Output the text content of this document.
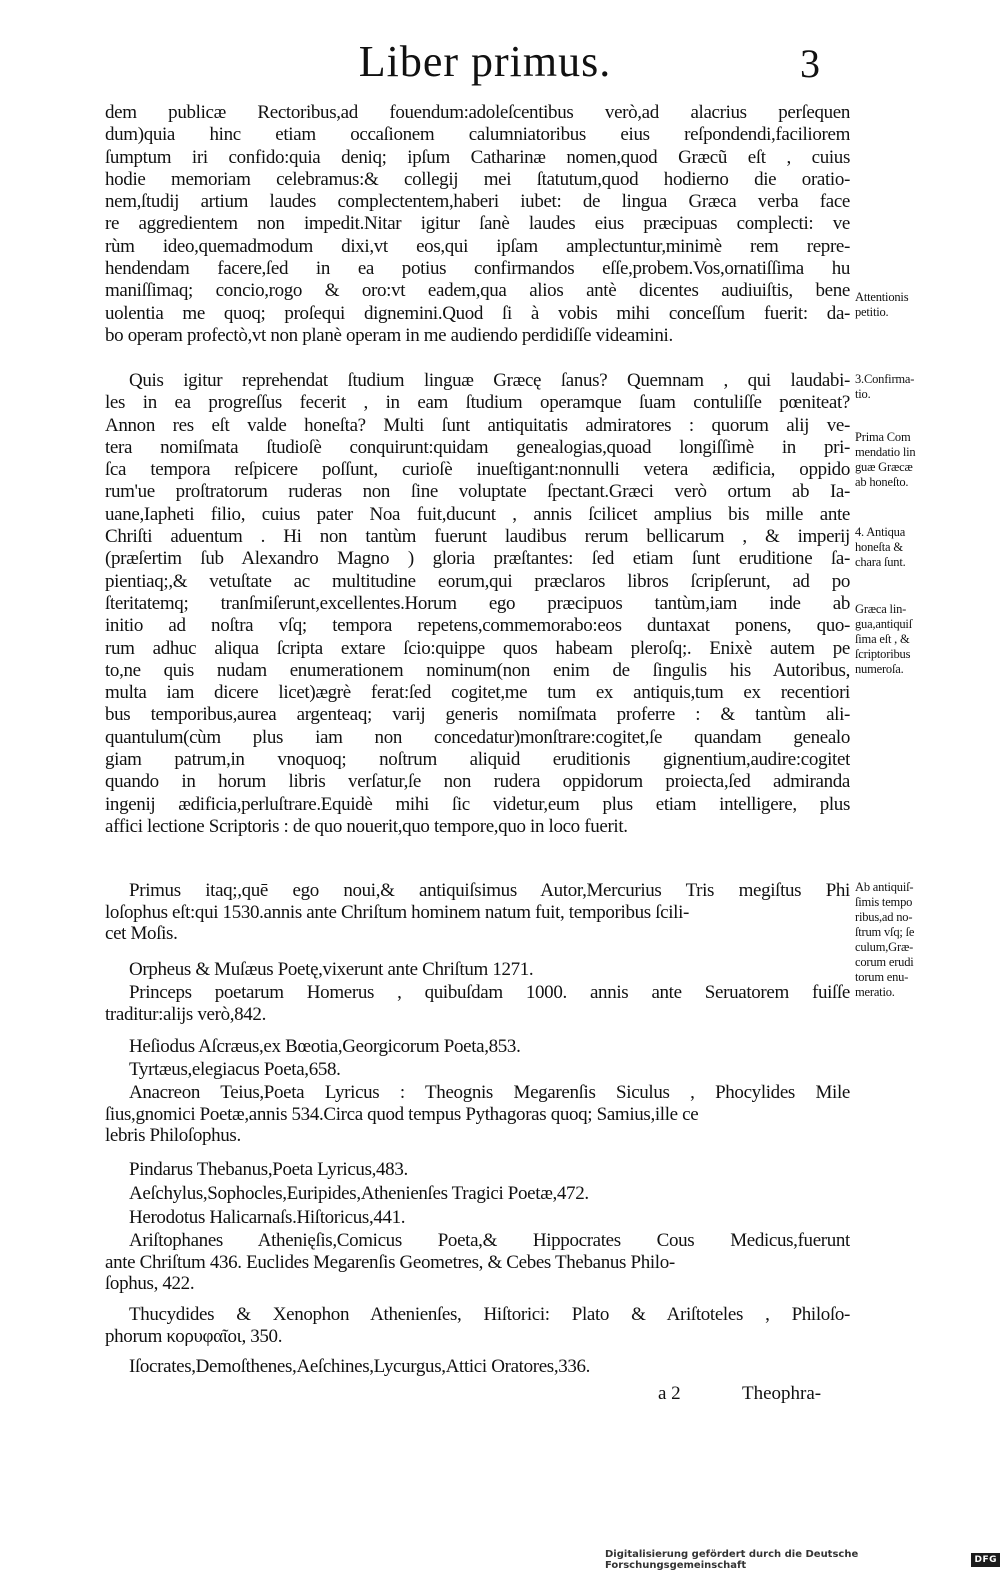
Liber primus.	3
dem publicæ Rectoribus,ad fouendum:adoleſcentibus verò,ad alacrius perſequen
dum)quia hinc etiam occaſionem calumniatoribus eius reſpondendi,faciliorem
ſumptum iri confido:quia deniq; ipſum Catharinæ nomen,quod Græcũ eſt , cuius
hodie memoriam celebramus:& collegij mei ſtatutum,quod hodierno die oratio-
nem,ſtudij artium laudes complectentem,haberi iubet: de lingua Græca verba face
re aggredientem non impedit.Nitar igitur ſanè laudes eius præcipuas complecti: ve
rùm ideo,quemadmodum dixi,vt eos,qui ipſam amplectuntur,minimè rem repre-
hendendam facere,ſed in ea potius confirmandos eſſe,probem.Vos,ornatiſſima hu
maniſſimaq; concio,rogo & oro:vt eadem,qua alios antè dicentes audiuiſtis, bene
uolentia me quoq; proſequi dignemini.Quod ſi à vobis mihi conceſſum fuerit: da-
bo operam profectò,vt non planè operam in me audiendo perdidiſſe videamini.
Quis igitur reprehendat ſtudium linguæ Græcę ſanus? Quemnam , qui laudabi-
les in ea progreſſus fecerit , in eam ſtudium operamque ſuam contuliſſe pœniteat?
Annon res eſt valde honeſta? Multi ſunt antiquitatis admiratores : quorum alij ve-
tera nomiſmata ſtudioſè conquirunt:quidam genealogias,quoad longiſſimè in pri-
ſca tempora reſpicere poſſunt, curioſè inueſtigant:nonnulli vetera ædificia, oppido
rum'ue proſtratorum ruderas non ſine voluptate ſpectant.Græci verò ortum ab Ia-
uane,Iapheti filio, cuius pater Noa fuit,ducunt , annis ſcilicet amplius bis mille ante
Chriſti aduentum . Hi non tantùm fuerunt laudibus rerum bellicarum , & imperij
(præſertim ſub Alexandro Magno ) gloria præſtantes: ſed etiam ſunt eruditione ſa-
pientiaq;,& vetuſtate ac multitudine eorum,qui præclaros libros ſcripſerunt, ad po
ſteritatemq; tranſmiſerunt,excellentes.Horum ego præcipuos tantùm,iam inde ab
initio ad noſtra vſq; tempora repetens,commemorabo:eos duntaxat ponens, quo-
rum adhuc aliqua ſcripta extare ſcio:quippe quos habeam pleroſq;. Enixè autem pe
to,ne quis nudam enumerationem nominum(non enim de ſingulis his Autoribus,
multa iam dicere licet)ægrè ferat:ſed cogitet,me tum ex antiquis,tum ex recentiori
bus temporibus,aurea argenteaq; varij generis nomiſmata proferre : & tantùm ali-
quantulum(cùm plus iam non concedatur)monſtrare:cogitet,ſe quandam genealo
giam patrum,in vnoquoq; noſtrum aliquid eruditionis gignentium,audire:cogitet
quando in horum libris verſatur,ſe non rudera oppidorum proiecta,ſed admiranda
ingenij ædificia,perluſtrare.Equidè mihi ſic videtur,eum plus etiam intelligere, plus
affici lectione Scriptoris : de quo nouerit,quo tempore,quo in loco fuerit.
Primus itaq;,quē ego noui,& antiquiſsimus Autor,Mercurius Tris megiſtus Phi
loſophus eſt:qui 1530.annis ante Chriſtum hominem natum fuit, temporibus ſcili-
cet Moſis.
Orpheus & Muſæus Poetę,vixerunt ante Chriſtum 1271.
Princeps poetarum Homerus , quibuſdam 1000. annis ante Seruatorem fuiſſe
traditur:alijs verò,842.
Heſiodus Aſcræus,ex Bœotia,Georgicorum Poeta,853.
Tyrtæus,elegiacus Poeta,658.
Anacreon Teius,Poeta Lyricus : Theognis Megarenſis Siculus , Phocylides Mile
ſius,gnomici Poetæ,annis 534.Circa quod tempus Pythagoras quoq; Samius,ille ce
lebris Philoſophus.
Pindarus Thebanus,Poeta Lyricus,483.
Aeſchylus,Sophocles,Euripides,Athenienſes Tragici Poetæ,472.
Herodotus Halicarnaſs.Hiſtoricus,441.
Ariſtophanes Athenięſis,Comicus Poeta,& Hippocrates Cous Medicus,fuerunt
ante Chriſtum 436. Euclides Megarenſis Geometres, & Cebes Thebanus Philo-
ſophus, 422.
Thucydides & Xenophon Athenienſes, Hiſtorici: Plato & Ariſtoteles , Philoſo-
phorum κορυφαῖοι, 350.
Iſocrates,Demoſthenes,Aeſchines,Lycurgus,Attici Oratores,336.
Attentionis
petitio.
3.Confirma-
tio.
Prima Com
mendatio lin
guæ Græcæ
ab honeſto.
4. Antiqua
honeſta &
chara ſunt.
Græca lin-
gua,antiquiſ
ſima eſt , &
ſcriptoribus
numeroſa.
Ab antiquiſ-
ſimis tempo
ribus,ad no-
ſtrum vſq; ſe
culum,Græ-
corum erudi
torum enu-
meratio.
a 2	Theophra-
Digitalisierung gefördert durch die Deutsche Forschungsgemeinschaft	DFG
